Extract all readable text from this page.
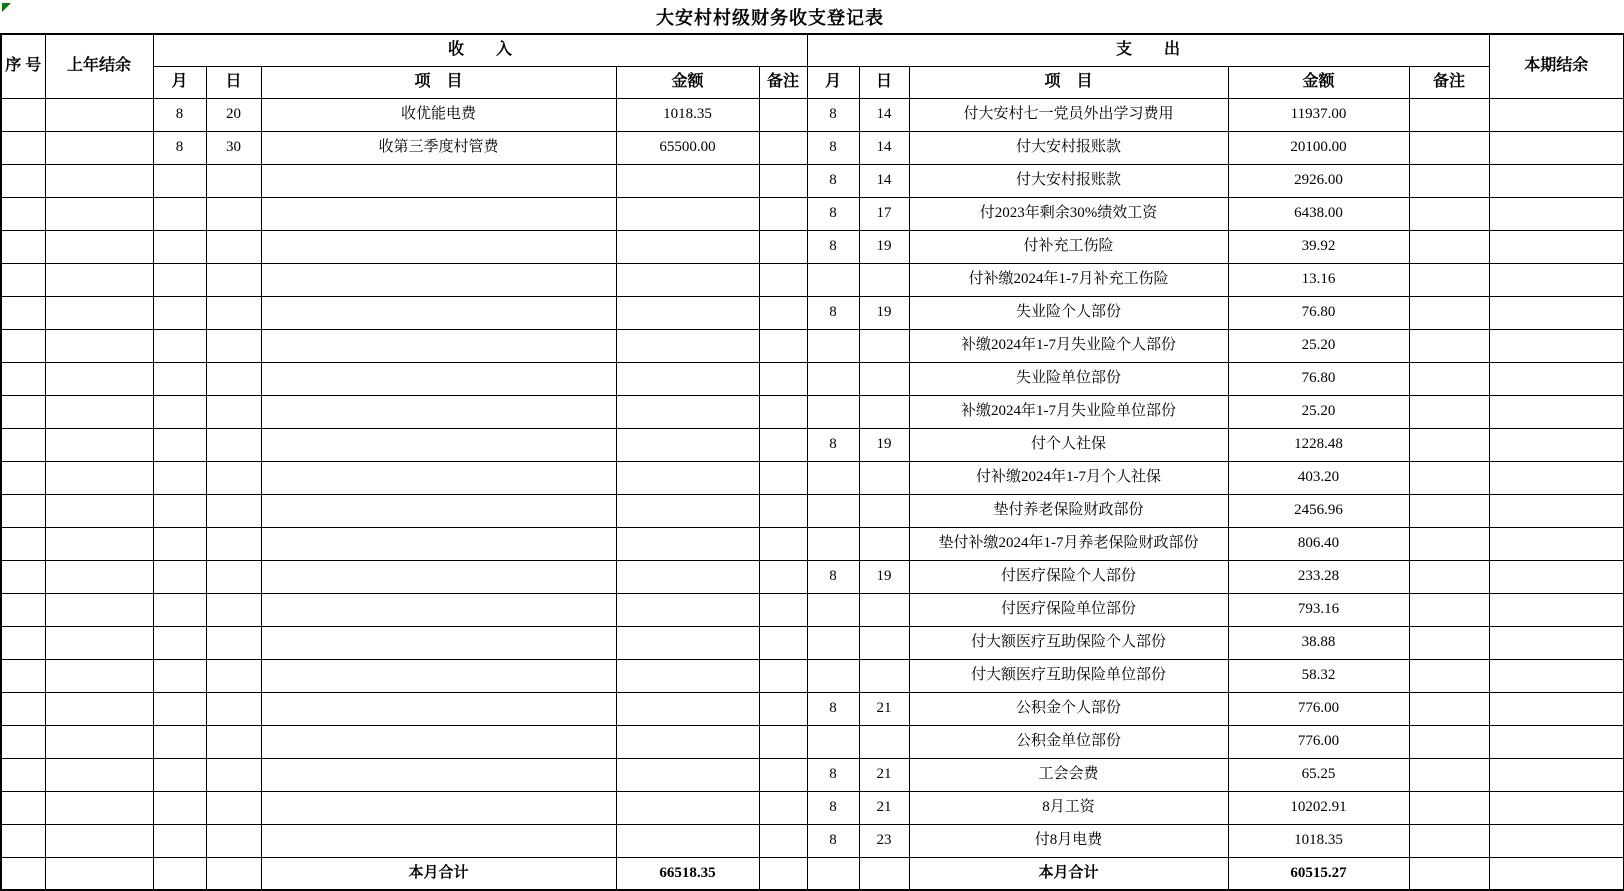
大安村村级财务收支登记表
序 号	上年结余	收　　入					支　　出					本期结余
		月	日	项　目	金额	备注	月	日	项　目	金额	备注	
		8	20	收优能电费	1018.35		8	14	付大安村七一党员外出学习费用	11937.00		
		8	30	收第三季度村管费	65500.00		8	14	付大安村报账款	20100.00		
							8	14	付大安村报账款	2926.00		
							8	17	付2023年剩余30%绩效工资	6438.00		
							8	19	付补充工伤险	39.92		
									付补缴2024年1-7月补充工伤险	13.16		
							8	19	失业险个人部份	76.80		
									补缴2024年1-7月失业险个人部份	25.20		
									失业险单位部份	76.80		
									补缴2024年1-7月失业险单位部份	25.20		
							8	19	付个人社保	1228.48		
									付补缴2024年1-7月个人社保	403.20		
									垫付养老保险财政部份	2456.96		
									垫付补缴2024年1-7月养老保险财政部份	806.40		
							8	19	付医疗保险个人部份	233.28		
									付医疗保险单位部份	793.16		
									付大额医疗互助保险个人部份	38.88		
									付大额医疗互助保险单位部份	58.32		
							8	21	公积金个人部份	776.00		
									公积金单位部份	776.00		
							8	21	工会会费	65.25		
							8	21	8月工资	10202.91		
							8	23	付8月电费	1018.35		
				本月合计	66518.35				本月合计	60515.27		
